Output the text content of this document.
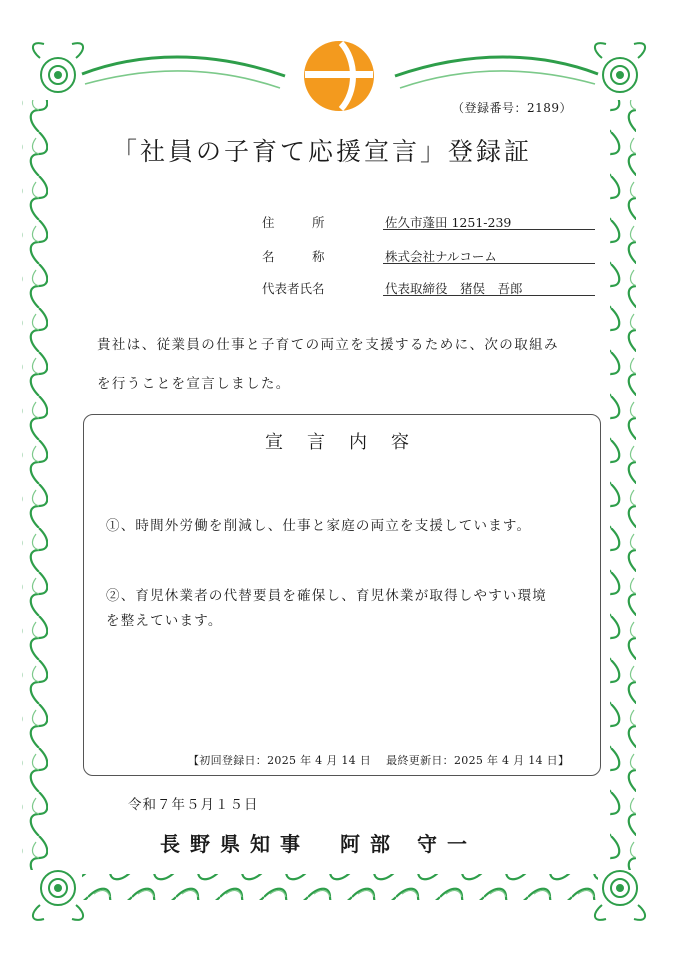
（登録番号：2189）
「社員の子育て応援宣言」登録証
住　　　所	佐久市蓬田 1251-239
名　　　称	株式会社ナルコーム
代表者氏名	代表取締役　猪俣　吾郎
貴社は、従業員の仕事と子育ての両立を支援するために、次の取組み
を行うことを宣言しました。
宣言内容
①、時間外労働を削減し、仕事と家庭の両立を支援しています。
②、育児休業者の代替要員を確保し、育児休業が取得しやすい環境
を整えています。
【初回登録日：2025 年 4 月 14 日　 最終更新日：2025 年 4 月 14 日】
令和７年５月１５日
長野県知事　阿部 守一
